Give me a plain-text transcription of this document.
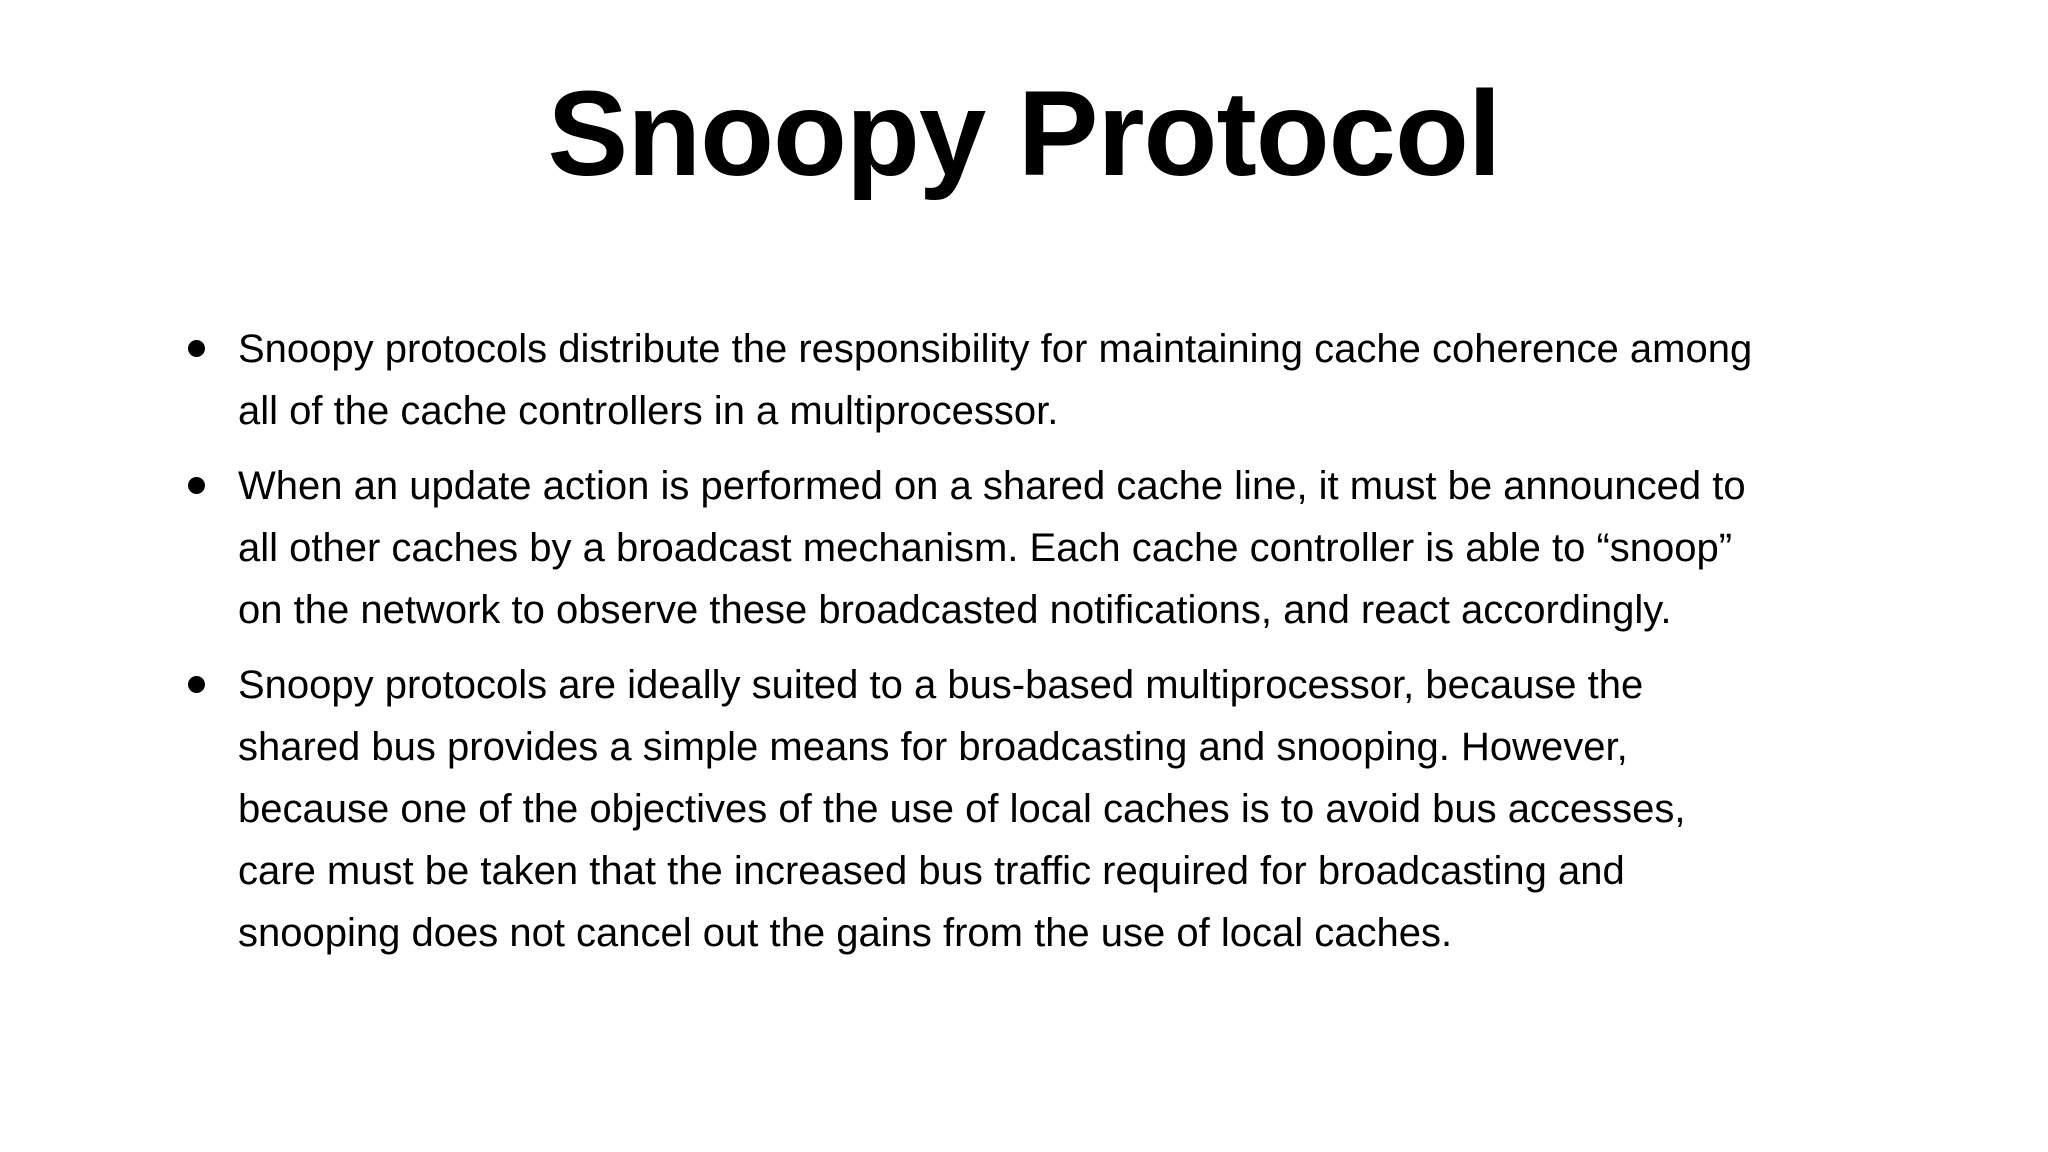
Snoopy Protocol
Snoopy protocols distribute the responsibility for maintaining cache coherence among
all of the cache controllers in a multiprocessor.
When an update action is performed on a shared cache line, it must be announced to
all other caches by a broadcast mechanism. Each cache controller is able to “snoop”
on the network to observe these broadcasted notifications, and react accordingly.
Snoopy protocols are ideally suited to a bus-based multiprocessor, because the
shared bus provides a simple means for broadcasting and snooping. However,
because one of the objectives of the use of local caches is to avoid bus accesses,
care must be taken that the increased bus traffic required for broadcasting and
snooping does not cancel out the gains from the use of local caches.
